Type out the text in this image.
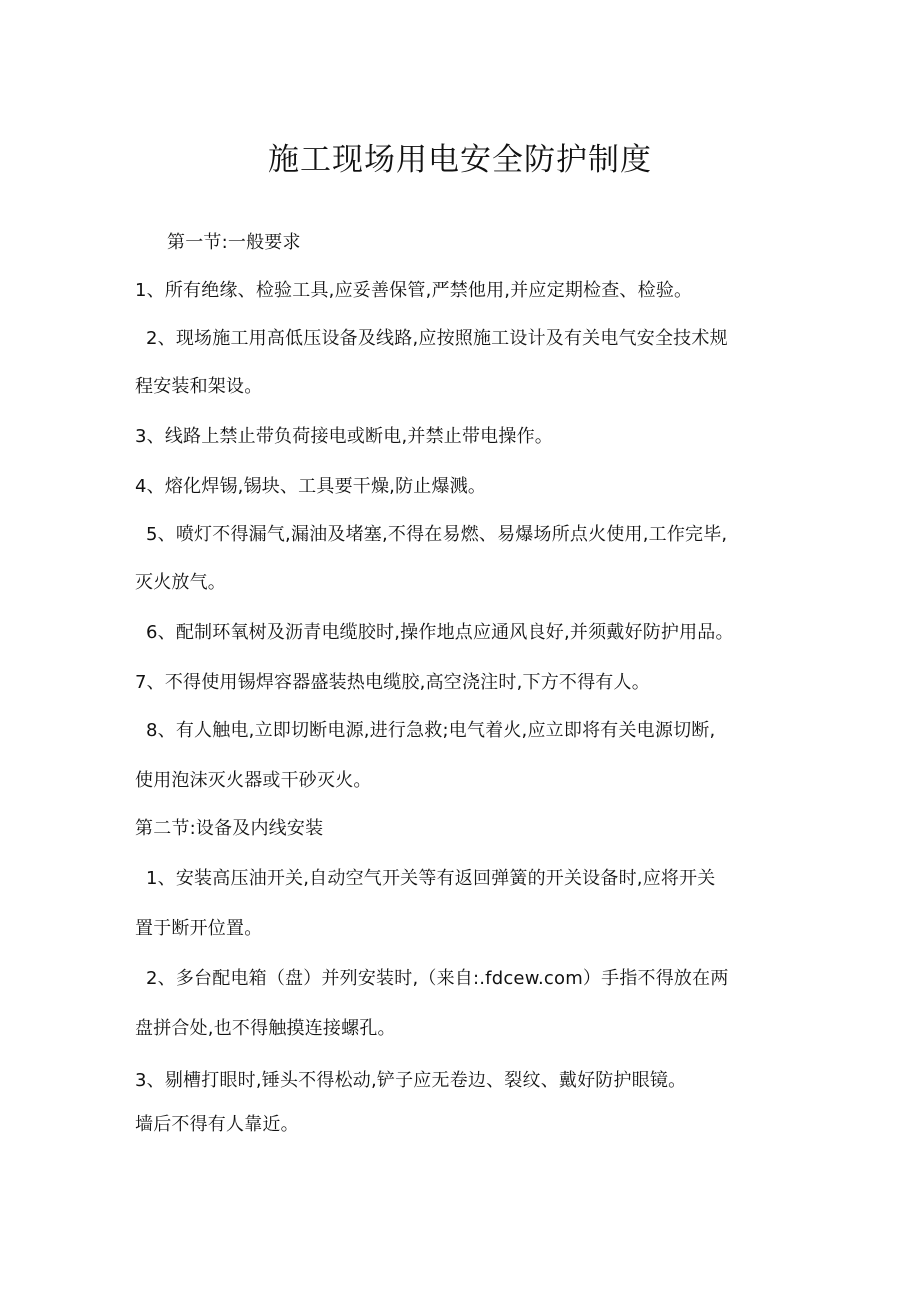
施工现场用电安全防护制度
第一节:一般要求
1、所有绝缘、检验工具,应妥善保管,严禁他用,并应定期检查、检验。
2、现场施工用高低压设备及线路,应按照施工设计及有关电气安全技术规
程安装和架设。
3、线路上禁止带负荷接电或断电,并禁止带电操作。
4、熔化焊锡,锡块、工具要干燥,防止爆溅。
5、喷灯不得漏气,漏油及堵塞,不得在易燃、易爆场所点火使用,工作完毕,
灭火放气。
6、配制环氧树及沥青电缆胶时,操作地点应通风良好,并须戴好防护用品。
7、不得使用锡焊容器盛装热电缆胶,高空浇注时,下方不得有人。
8、有人触电,立即切断电源,进行急救;电气着火,应立即将有关电源切断,
使用泡沫灭火器或干砂灭火。
第二节:设备及内线安装
1、安装高压油开关,自动空气开关等有返回弹簧的开关设备时,应将开关
置于断开位置。
2、多台配电箱（盘）并列安装时,（来自:.fdcew.com）手指不得放在两
盘拼合处,也不得触摸连接螺孔。
3、剔槽打眼时,锤头不得松动,铲子应无卷边、裂纹、戴好防护眼镜。
墙后不得有人靠近。
